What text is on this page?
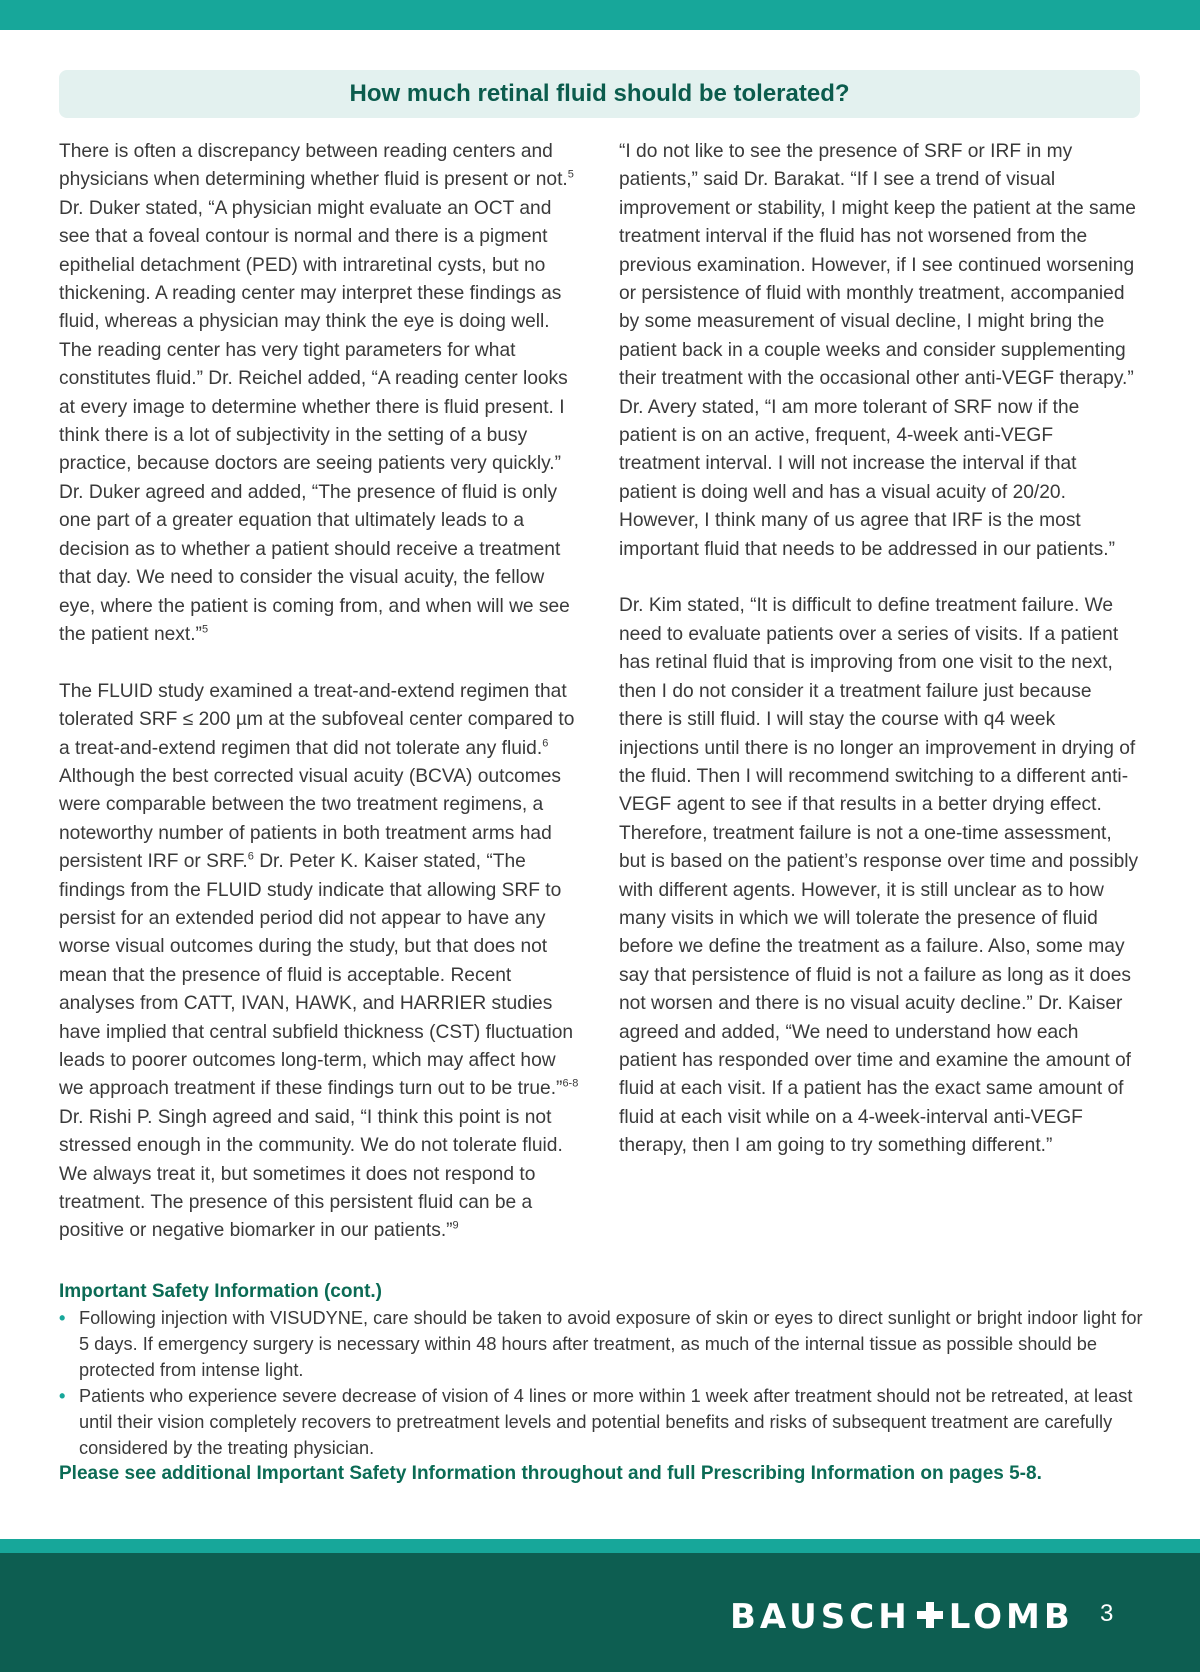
How much retinal fluid should be tolerated?

There is often a discrepancy between reading centers and physicians when determining whether fluid is present or not.$^5$ Dr. Duker stated, “A physician might evaluate an OCT and see that a foveal contour is normal and there is a pigment epithelial detachment (PED) with intraretinal cysts, but no thickening. A reading center may interpret these findings as fluid, whereas a physician may think the eye is doing well. The reading center has very tight parameters for what constitutes fluid.” Dr. Reichel added, “A reading center looks at every image to determine whether there is fluid present. I think there is a lot of subjectivity in the setting of a busy practice, because doctors are seeing patients very quickly.” Dr. Duker agreed and added, “The presence of fluid is only one part of a greater equation that ultimately leads to a decision as to whether a patient should receive a treatment that day. We need to consider the visual acuity, the fellow eye, where the patient is coming from, and when will we see the patient next.”$^5$

The FLUID study examined a treat-and-extend regimen that tolerated SRF ≤ 200 µm at the subfoveal center compared to a treat-and-extend regimen that did not tolerate any fluid.$^6$ Although the best corrected visual acuity (BCVA) outcomes were comparable between the two treatment regimens, a noteworthy number of patients in both treatment arms had persistent IRF or SRF.$^6$ Dr. Peter K. Kaiser stated, “The findings from the FLUID study indicate that allowing SRF to persist for an extended period did not appear to have any worse visual outcomes during the study, but that does not mean that the presence of fluid is acceptable. Recent analyses from CATT, IVAN, HAWK, and HARRIER studies have implied that central subfield thickness (CST) fluctuation leads to poorer outcomes long-term, which may affect how we approach treatment if these findings turn out to be true.”$^{6-8}$ Dr. Rishi P. Singh agreed and said, “I think this point is not stressed enough in the community. We do not tolerate fluid. We always treat it, but sometimes it does not respond to treatment. The presence of this persistent fluid can be a positive or negative biomarker in our patients.”$^9$

“I do not like to see the presence of SRF or IRF in my patients,” said Dr. Barakat. “If I see a trend of visual improvement or stability, I might keep the patient at the same treatment interval if the fluid has not worsened from the previous examination. However, if I see continued worsening or persistence of fluid with monthly treatment, accompanied by some measurement of visual decline, I might bring the patient back in a couple weeks and consider supplementing their treatment with the occasional other anti-VEGF therapy.” Dr. Avery stated, “I am more tolerant of SRF now if the patient is on an active, frequent, 4-week anti-VEGF treatment interval. I will not increase the interval if that patient is doing well and has a visual acuity of 20/20. However, I think many of us agree that IRF is the most important fluid that needs to be addressed in our patients.”

Dr. Kim stated, “It is difficult to define treatment failure. We need to evaluate patients over a series of visits. If a patient has retinal fluid that is improving from one visit to the next, then I do not consider it a treatment failure just because there is still fluid. I will stay the course with q4 week injections until there is no longer an improvement in drying of the fluid. Then I will recommend switching to a different anti-VEGF agent to see if that results in a better drying effect. Therefore, treatment failure is not a one-time assessment, but is based on the patient’s response over time and possibly with different agents. However, it is still unclear as to how many visits in which we will tolerate the presence of fluid before we define the treatment as a failure. Also, some may say that persistence of fluid is not a failure as long as it does not worsen and there is no visual acuity decline.” Dr. Kaiser agreed and added, “We need to understand how each patient has responded over time and examine the amount of fluid at each visit. If a patient has the exact same amount of fluid at each visit while on a 4-week-interval anti-VEGF therapy, then I am going to try something different.”

Important Safety Information (cont.)

• Following injection with VISUDYNE, care should be taken to avoid exposure of skin or eyes to direct sunlight or bright indoor light for 5 days. If emergency surgery is necessary within 48 hours after treatment, as much of the internal tissue as possible should be protected from intense light.
• Patients who experience severe decrease of vision of 4 lines or more within 1 week after treatment should not be retreated, at least until their vision completely recovers to pretreatment levels and potential benefits and risks of subsequent treatment are carefully considered by the treating physician.

Please see additional Important Safety Information throughout and full Prescribing Information on pages 5-8.

BAUSCH LOMB 3
